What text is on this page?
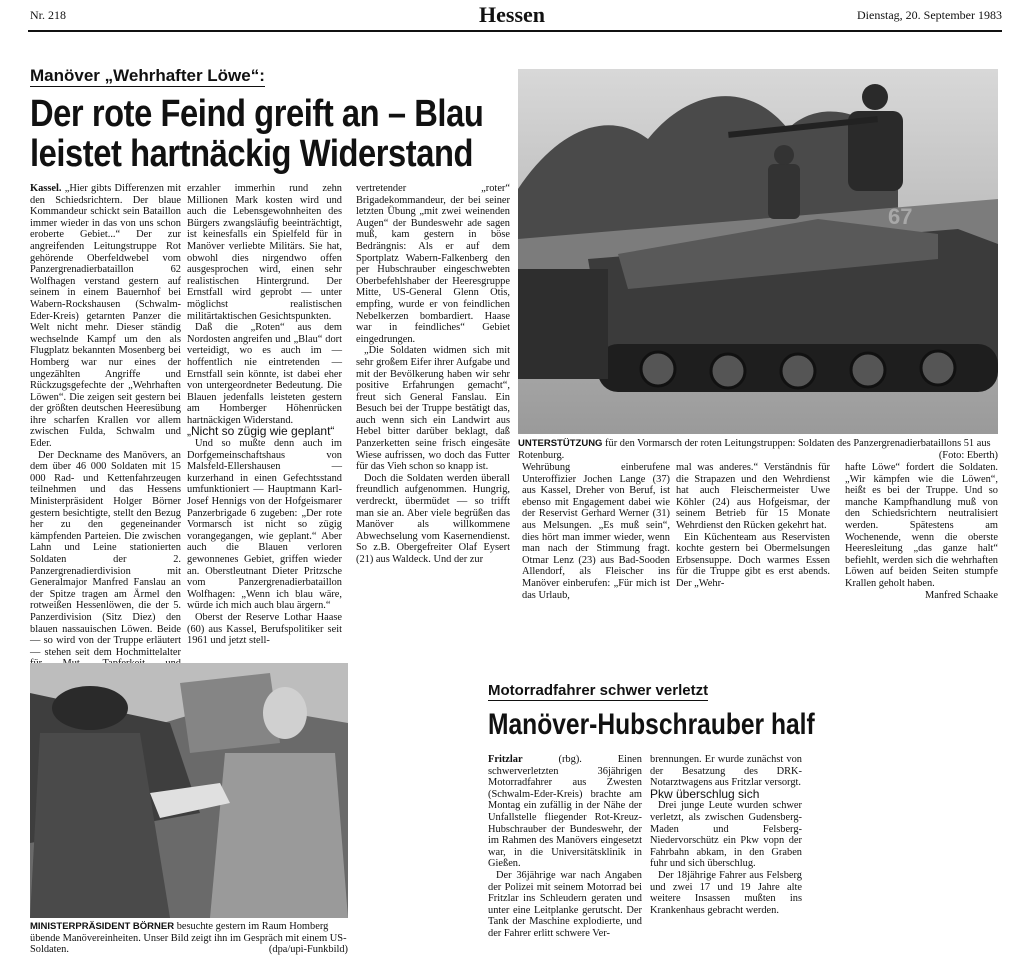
Nr. 218	Hessen	Dienstag, 20. September 1983
Manöver „Wehrhafter Löwe“:
Der rote Feind greift an – Blau
leistet hartnäckig Widerstand
67
UNTERSTÜTZUNG für den Vormarsch der roten Leitungstruppen: Soldaten des Panzergrenadierbataillons 51 aus Rotenburg.	(Foto: Eberth)

Kassel. „Hier gibts Differenzen mit den Schiedsrichtern. Der blaue Kommandeur schickt sein Bataillon immer wieder in das von uns schon eroberte Gebiet...“ Der zur angreifenden Leitungstruppe Rot gehörende Oberfeldwebel vom Panzergrenadierbataillon 62 Wolfhagen verstand gestern auf seinem in einem Bauernhof bei Wabern-Rockshausen (Schwalm-Eder-Kreis) getarnten Panzer die Welt nicht mehr. Dieser ständig wechselnde Kampf um den als Flugplatz bekannten Mosenberg bei Homberg war nur eines der ungezählten Angriffe und Rückzugsgefechte der „Wehrhaften Löwen“. Die zeigen seit gestern bei der größten deutschen Heeresübung ihre scharfen Krallen vor allem zwischen Fulda, Schwalm und Eder.

Der Deckname des Manövers, an dem über 46 000 Soldaten mit 15 000 Rad- und Kettenfahrzeugen teilnehmen und das Hessens Ministerpräsident Holger Börner gestern besichtigte, stellt den Bezug her zu den gegeneinander kämpfenden Parteien. Die zwischen Lahn und Leine stationierten Soldaten der 2. Panzergrenadierdivision mit Generalmajor Manfred Fanslau an der Spitze tragen am Ärmel den rotweißen Hessenlöwen, die der 5. Panzerdivision (Sitz Diez) den blauen nassauischen Löwen. Beide — so wird von der Truppe erläutert — stehen seit dem Hochmittelalter

erzahler immerhin rund zehn Millionen Mark kosten wird und auch die Lebensgewohnheiten des Bürgers zwangsläufig beeinträchtigt, ist keinesfalls ein Spielfeld für in Manöver verliebte Militärs. Sie hat, obwohl dies nirgendwo offen ausgesprochen wird, einen sehr realistischen Hintergrund. Der Ernstfall wird geprobt — unter möglichst realistischen militärtaktischen Gesichtspunkten.

Daß die „Roten“ aus dem Nordosten angreifen und „Blau“ dort verteidigt, wo es auch im — hoffentlich nie eintretenden — Ernstfall sein könnte, ist dabei eher von untergeordneter Bedeutung. Die Blauen jedenfalls leisteten gestern am Homberger Höhenrücken hartnäckigen Widerstand.

„Nicht so zügig wie geplant“

Und so mußte denn auch im Dorfgemeinschaftshaus von Malsfeld-Ellershausen — kurzerhand in einen Gefechtsstand umfunktioniert — Hauptmann Karl-Josef Hennigs von der Hofgeismarer Panzerbrigade 6 zugeben: „Der rote Vormarsch ist nicht so zügig vorangegangen, wie geplant.“ Aber auch die Blauen verloren gewonnenes Gebiet, griffen wieder an. Oberstleutnant Dieter Pritzsche vom Panzergrenadierbataillon Wolfhagen: „Wenn ich blau wäre, würde ich mich auch blau ärgern.“

Oberst der Reserve Lothar Haase (60) aus Kassel, Berufspolitiker seit 1961 und jetzt stell-

vertretender „roter“ Brigadekommandeur, der bei seiner letzten Übung „mit zwei weinenden Augen“ der Bundeswehr ade sagen muß, kam gestern in böse Bedrängnis: Als er auf dem Sportplatz Wabern-Falkenberg den per Hubschrauber eingeschwebten Oberbefehlshaber der Heeresgruppe Mitte, US-General Glenn Otis, empfing, wurde er von feindlichen Nebelkerzen bombardiert. Haase war in feindliches“ Gebiet eingedrungen.

„Die Soldaten widmen sich mit sehr großem Eifer ihrer Aufgabe und mit der Bevölkerung haben wir sehr positive Erfahrungen gemacht“, freut sich General Fanslau. Ein Besuch bei der Truppe bestätigt das, auch wenn sich ein Landwirt aus Hebel bitter darüber beklagt, daß Panzerketten seine frisch eingesäte Wiese aufrissen, wo doch das Futter für das Vieh schon so knapp ist.

Doch die Soldaten werden überall freundlich aufgenommen. Hungrig, verdreckt, übermüdet — so trifft man sie an. Aber viele begrüßen das Manöver als willkommene Abwechselung vom Kasernendienst. So z.B. Obergefreiter Olaf Eysert (21) aus Waldeck. Und der zur

Wehrübung einberufene Unteroffizier Jochen Lange (37) aus Kassel, Dreher von Beruf, ist ebenso mit Engagement dabei wie der Reservist Gerhard Werner (31) aus Melsungen. „Es muß sein“, dies hört man immer wieder, wenn man nach der Stimmung fragt. Otmar Lenz (23) aus Bad-Sooden Allendorf, als Fleischer ins Manöver einberufen: „Für mich ist das Urlaub,

mal was anderes.“ Verständnis für die Strapazen und den Wehrdienst hat auch Fleischermeister Uwe Köhler (24) aus Hofgeismar, der seinem Betrieb für 15 Monate Wehrdienst den Rücken gekehrt hat.

Ein Küchenteam aus Reservisten kochte gestern bei Obermelsungen Erbsensuppe. Doch warmes Essen für die Truppe gibt es erst abends. Der „Wehr-

hafte Löwe“ fordert die Soldaten. „Wir kämpfen wie die Löwen“, heißt es bei der Truppe. Und so manche Kampfhandlung muß von den Schiedsrichtern neutralisiert werden. Spätestens am Wochenende, wenn die oberste Heeresleitung „das ganze halt“ befiehlt, werden sich die wehrhaften Löwen auf beiden Seiten stumpfe Krallen geholt haben.

Manfred Schaake
MINISTERPRÄSIDENT BÖRNER besuchte gestern im Raum Homberg übende Manövereinheiten. Unser Bild zeigt ihn im Gespräch mit einem US-Soldaten.	(dpa/upi-Funkbild)
Motorradfahrer schwer verletzt
Manöver-Hubschrauber half

Fritzlar (rbg). Einen schwerverletzten 36jährigen Motorradfahrer aus Zwesten (Schwalm-Eder-Kreis) brachte am Montag ein zufällig in der Nähe der Unfallstelle fliegender Rot-Kreuz-Hubschrauber der Bundeswehr, der im Rahmen des Manövers eingesetzt war, in die Universitätsklinik in Gießen.

Der 36jährige war nach Angaben der Polizei mit seinem Motorrad bei Fritzlar ins Schleudern geraten und unter eine Leitplanke gerutscht. Der Tank der Maschine explodierte, und der Fahrer erlitt schwere Ver-

brennungen. Er wurde zunächst von der Besatzung des DRK-Notarztwagens aus Fritzlar versorgt.

Pkw überschlug sich

Drei junge Leute wurden schwer verletzt, als zwischen Gudensberg-Maden und Felsberg-Niedervorschütz ein Pkw vopn der Fahrbahn abkam, in den Graben fuhr und sich überschlug.

Der 18jährige Fahrer aus Felsberg und zwei 17 und 19 Jahre alte weitere Insassen mußten ins Krankenhaus gebracht werden.
